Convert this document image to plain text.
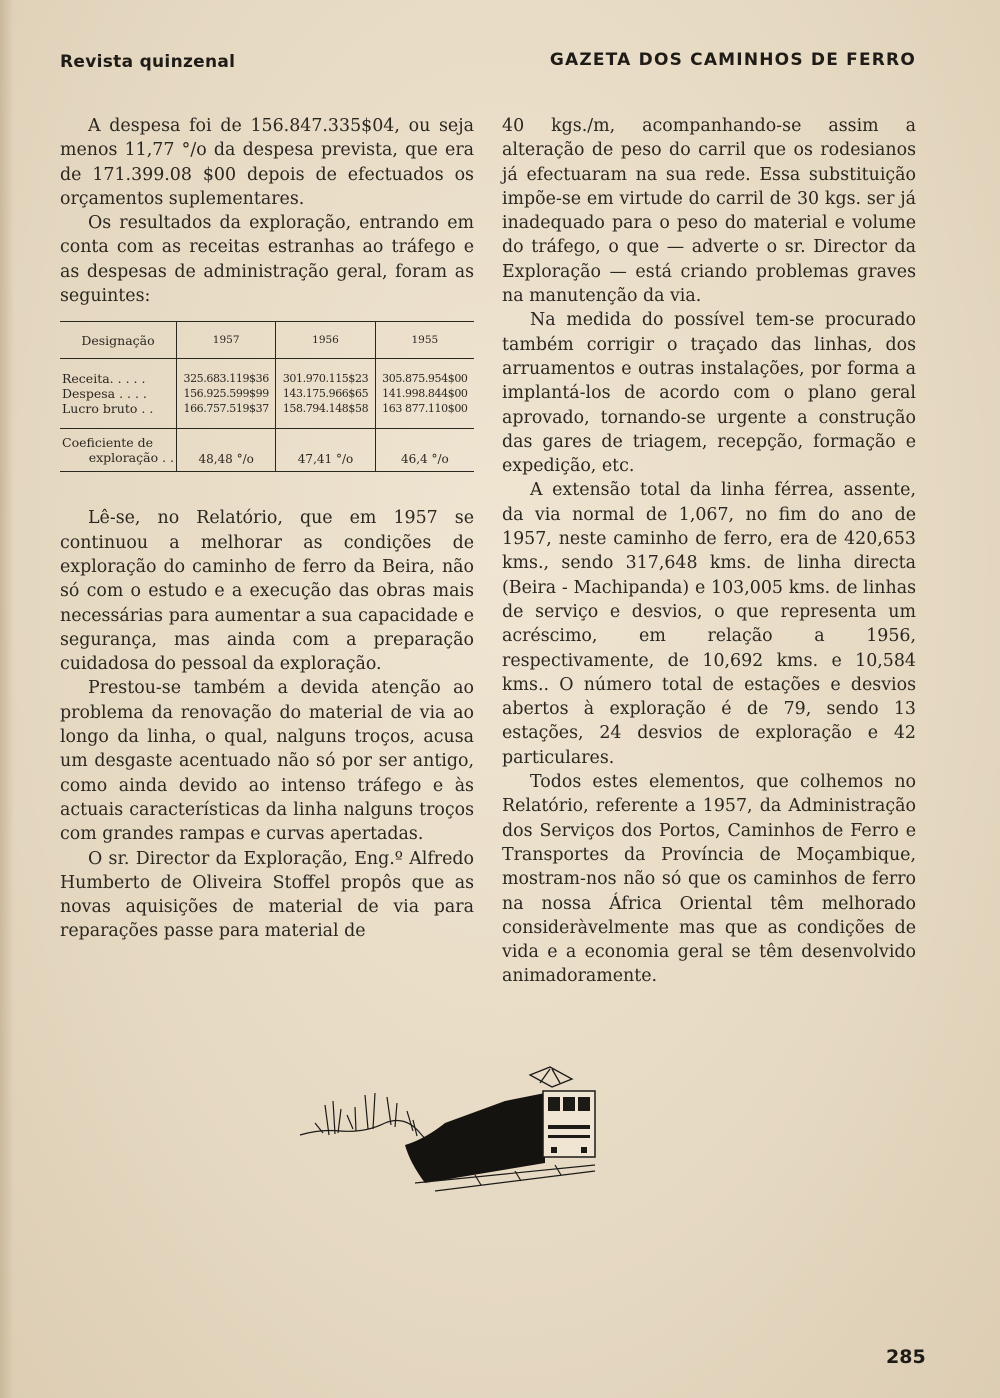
Revista quinzenal	GAZETA DOS CAMINHOS DE FERRO

A despesa foi de 156.847.335$04, ou seja menos 11,77 °/o da despesa prevista, que era de 171.399.08 $00 depois de efectuados os orçamentos suplementares.

Os resultados da exploração, entrando em conta com as receitas estranhas ao tráfego e as despesas de administração geral, foram as seguintes:

Lê-se, no Relatório, que em 1957 se continuou a melhorar as condições de exploração do caminho de ferro da Beira, não só com o estudo e a execução das obras mais necessárias para aumentar a sua capacidade e segurança, mas ainda com a preparação cuidadosa do pessoal da exploração.

Prestou-se também a devida atenção ao problema da renovação do material de via ao longo da linha, o qual, nalguns troços, acusa um desgaste acentuado não só por ser antigo, como ainda devido ao intenso tráfego e às actuais características da linha nalguns troços com grandes rampas e curvas apertadas.

O sr. Director da Exploração, Eng.º Alfredo Humberto de Oliveira Stoffel propôs que as novas aquisições de material de via para reparações passe para material de

Designação	1957	1956	1955

Receita. . . . .	325.683.119$36	301.970.115$23	305.875.954$00
Despesa . . . .	156.925.599$99	143.175.966$65	141.998.844$00
Lucro bruto . .	166.757.519$37	158.794.148$58	163 877.110$00

Coeficiente de
exploração . .	48,48 °/o	47,41 °/o	46,4 °/o

40 kgs./m, acompanhando-se assim a alteração de peso do carril que os rodesianos já efectuaram na sua rede. Essa substituição impõe-se em virtude do carril de 30 kgs. ser já inadequado para o peso do material e volume do tráfego, o que — adverte o sr. Director da Exploração — está criando problemas graves na manutenção da via.

Na medida do possível tem-se procurado também corrigir o traçado das linhas, dos arruamentos e outras instalações, por forma a implantá-los de acordo com o plano geral aprovado, tornando-se urgente a construção das gares de triagem, recepção, formação e expedição, etc.

A extensão total da linha férrea, assente, da via normal de 1,067, no fim do ano de 1957, neste caminho de ferro, era de 420,653 kms., sendo 317,648 kms. de linha directa (Beira - Machipanda) e 103,005 kms. de linhas de serviço e desvios, o que representa um acréscimo, em relação a 1956, respectivamente, de 10,692 kms. e 10,584 kms.. O número total de estações e desvios abertos à exploração é de 79, sendo 13 estações, 24 desvios de exploração e 42 particulares.

Todos estes elementos, que colhemos no Relatório, referente a 1957, da Administração dos Serviços dos Portos, Caminhos de Ferro e Transportes da Província de Moçambique, mostram-nos não só que os caminhos de ferro na nossa África Oriental têm melhorado consideràvelmente mas que as condições de vida e a economia geral se têm desenvolvido animadoramente.

285
